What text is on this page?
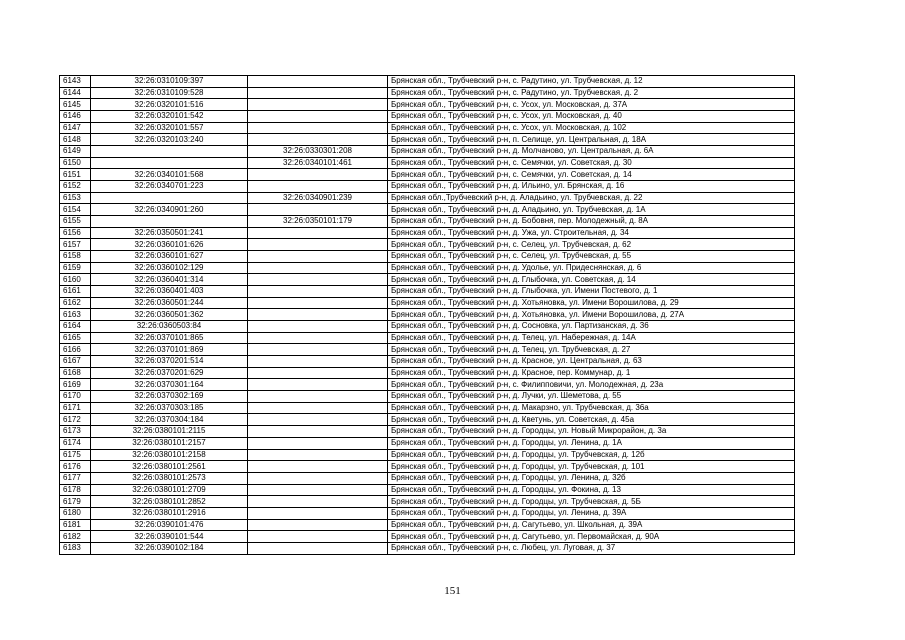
6143	32:26:0310109:397		Брянская обл., Трубчевский р-н, с. Радутино, ул. Трубчевская, д. 12
6144	32:26:0310109:528		Брянская обл., Трубчевский р-н, с. Радутино, ул. Трубчевская, д. 2
6145	32:26:0320101:516		Брянская обл., Трубчевский р-н, с. Усох, ул. Московская, д. 37А
6146	32:26:0320101:542		Брянская обл., Трубчевский р-н, с. Усох, ул. Московская, д. 40
6147	32:26:0320101:557		Брянская обл., Трубчевский р-н, с. Усох, ул. Московская, д. 102
6148	32:26:0320103:240		Брянская обл., Трубчевский р-н, п. Селище, ул. Центральная, д. 18А
6149		32:26:0330301:208	Брянская обл., Трубчевский р-н, д. Молчаново, ул. Центральная, д. 6А
6150		32:26:0340101:461	Брянская обл., Трубчевский р-н, с. Семячки, ул. Советская, д. 30
6151	32:26:0340101:568		Брянская обл., Трубчевский р-н, с. Семячки, ул. Советская, д. 14
6152	32:26:0340701:223		Брянская обл., Трубчевский р-н, д. Ильино, ул. Брянская, д. 16
6153		32:26:0340901:239	Брянская обл.,Трубчевский р-н, д. Аладьино, ул. Трубчевская, д. 22
6154	32:26:0340901:260		Брянская обл., Трубчевский р-н, д. Аладьино, ул. Трубчевская, д. 1А
6155		32:26:0350101:179	Брянская обл., Трубчевский р-н, д. Бобовня, пер. Молодежный, д. 8А
6156	32:26:0350501:241		Брянская обл., Трубчевский р-н, д. Ужа, ул. Строительная, д. 34
6157	32:26:0360101:626		Брянская обл., Трубчевский р-н, с. Селец, ул. Трубчевская, д. 62
6158	32:26:0360101:627		Брянская обл., Трубчевский р-н, с. Селец, ул. Трубчевская, д. 55
6159	32:26:0360102:129		Брянская обл., Трубчевский р-н, д. Удолье, ул. Придеснянская, д. 6
6160	32:26:0360401:314		Брянская обл., Трубчевский р-н, д. Глыбочка, ул. Советская, д. 14
6161	32:26:0360401:403		Брянская обл., Трубчевский р-н, д. Глыбочка, ул. Имени Постевого, д. 1
6162	32:26:0360501:244		Брянская обл., Трубчевский р-н, д. Хотьяновка, ул. Имени Ворошилова, д. 29
6163	32:26:0360501:362		Брянская обл., Трубчевский р-н, д. Хотьяновка, ул. Имени Ворошилова, д. 27А
6164	32:26:0360503:84		Брянская обл., Трубчевский р-н, д. Сосновка, ул. Партизанская, д. 36
6165	32:26:0370101:865		Брянская обл., Трубчевский р-н, д. Телец, ул. Набережная, д. 14А
6166	32:26:0370101:869		Брянская обл., Трубчевский р-н, д. Телец, ул. Трубчевская, д. 27
6167	32:26:0370201:514		Брянская обл., Трубчевский р-н, д. Красное, ул. Центральная, д. 63
6168	32:26:0370201:629		Брянская обл., Трубчевский р-н, д. Красное, пер. Коммунар, д. 1
6169	32:26:0370301:164		Брянская обл., Трубчевский р-н, с. Филипповичи, ул. Молодежная, д. 23а
6170	32:26:0370302:169		Брянская обл., Трубчевский р-н, д. Лучки, ул. Шеметова, д. 55
6171	32:26:0370303:185		Брянская обл., Трубчевский р-н, д. Макарзно, ул. Трубчевская, д. 36а
6172	32:26:0370304:184		Брянская обл., Трубчевский р-н, д. Кветунь, ул. Советская, д. 45а
6173	32:26:0380101:2115		Брянская обл., Трубчевский р-н, д. Городцы, ул. Новый Микрорайон, д. 3а
6174	32:26:0380101:2157		Брянская обл., Трубчевский р-н, д. Городцы, ул. Ленина, д. 1А
6175	32:26:0380101:2158		Брянская обл., Трубчевский р-н, д. Городцы, ул. Трубчевская, д. 12б
6176	32:26:0380101:2561		Брянская обл., Трубчевский р-н, д. Городцы, ул. Трубчевская, д. 101
6177	32:26:0380101:2573		Брянская обл., Трубчевский р-н, д. Городцы, ул. Ленина, д. 32б
6178	32:26:0380101:2709		Брянская обл., Трубчевский р-н, д. Городцы, ул. Фокина, д. 13
6179	32:26:0380101:2852		Брянская обл., Трубчевский р-н, д. Городцы, ул. Трубчевская, д. 5Б
6180	32:26:0380101:2916		Брянская обл., Трубчевский р-н, д. Городцы, ул. Ленина, д. 39А
6181	32:26:0390101:476		Брянская обл., Трубчевский р-н, д. Сагутьево, ул. Школьная, д. 39А
6182	32:26:0390101:544		Брянская обл., Трубчевский р-н, д. Сагутьево, ул. Первомайская, д. 90А
6183	32:26:0390102:184		Брянская обл., Трубчевский р-н, с. Любец, ул. Луговая, д. 37
151
